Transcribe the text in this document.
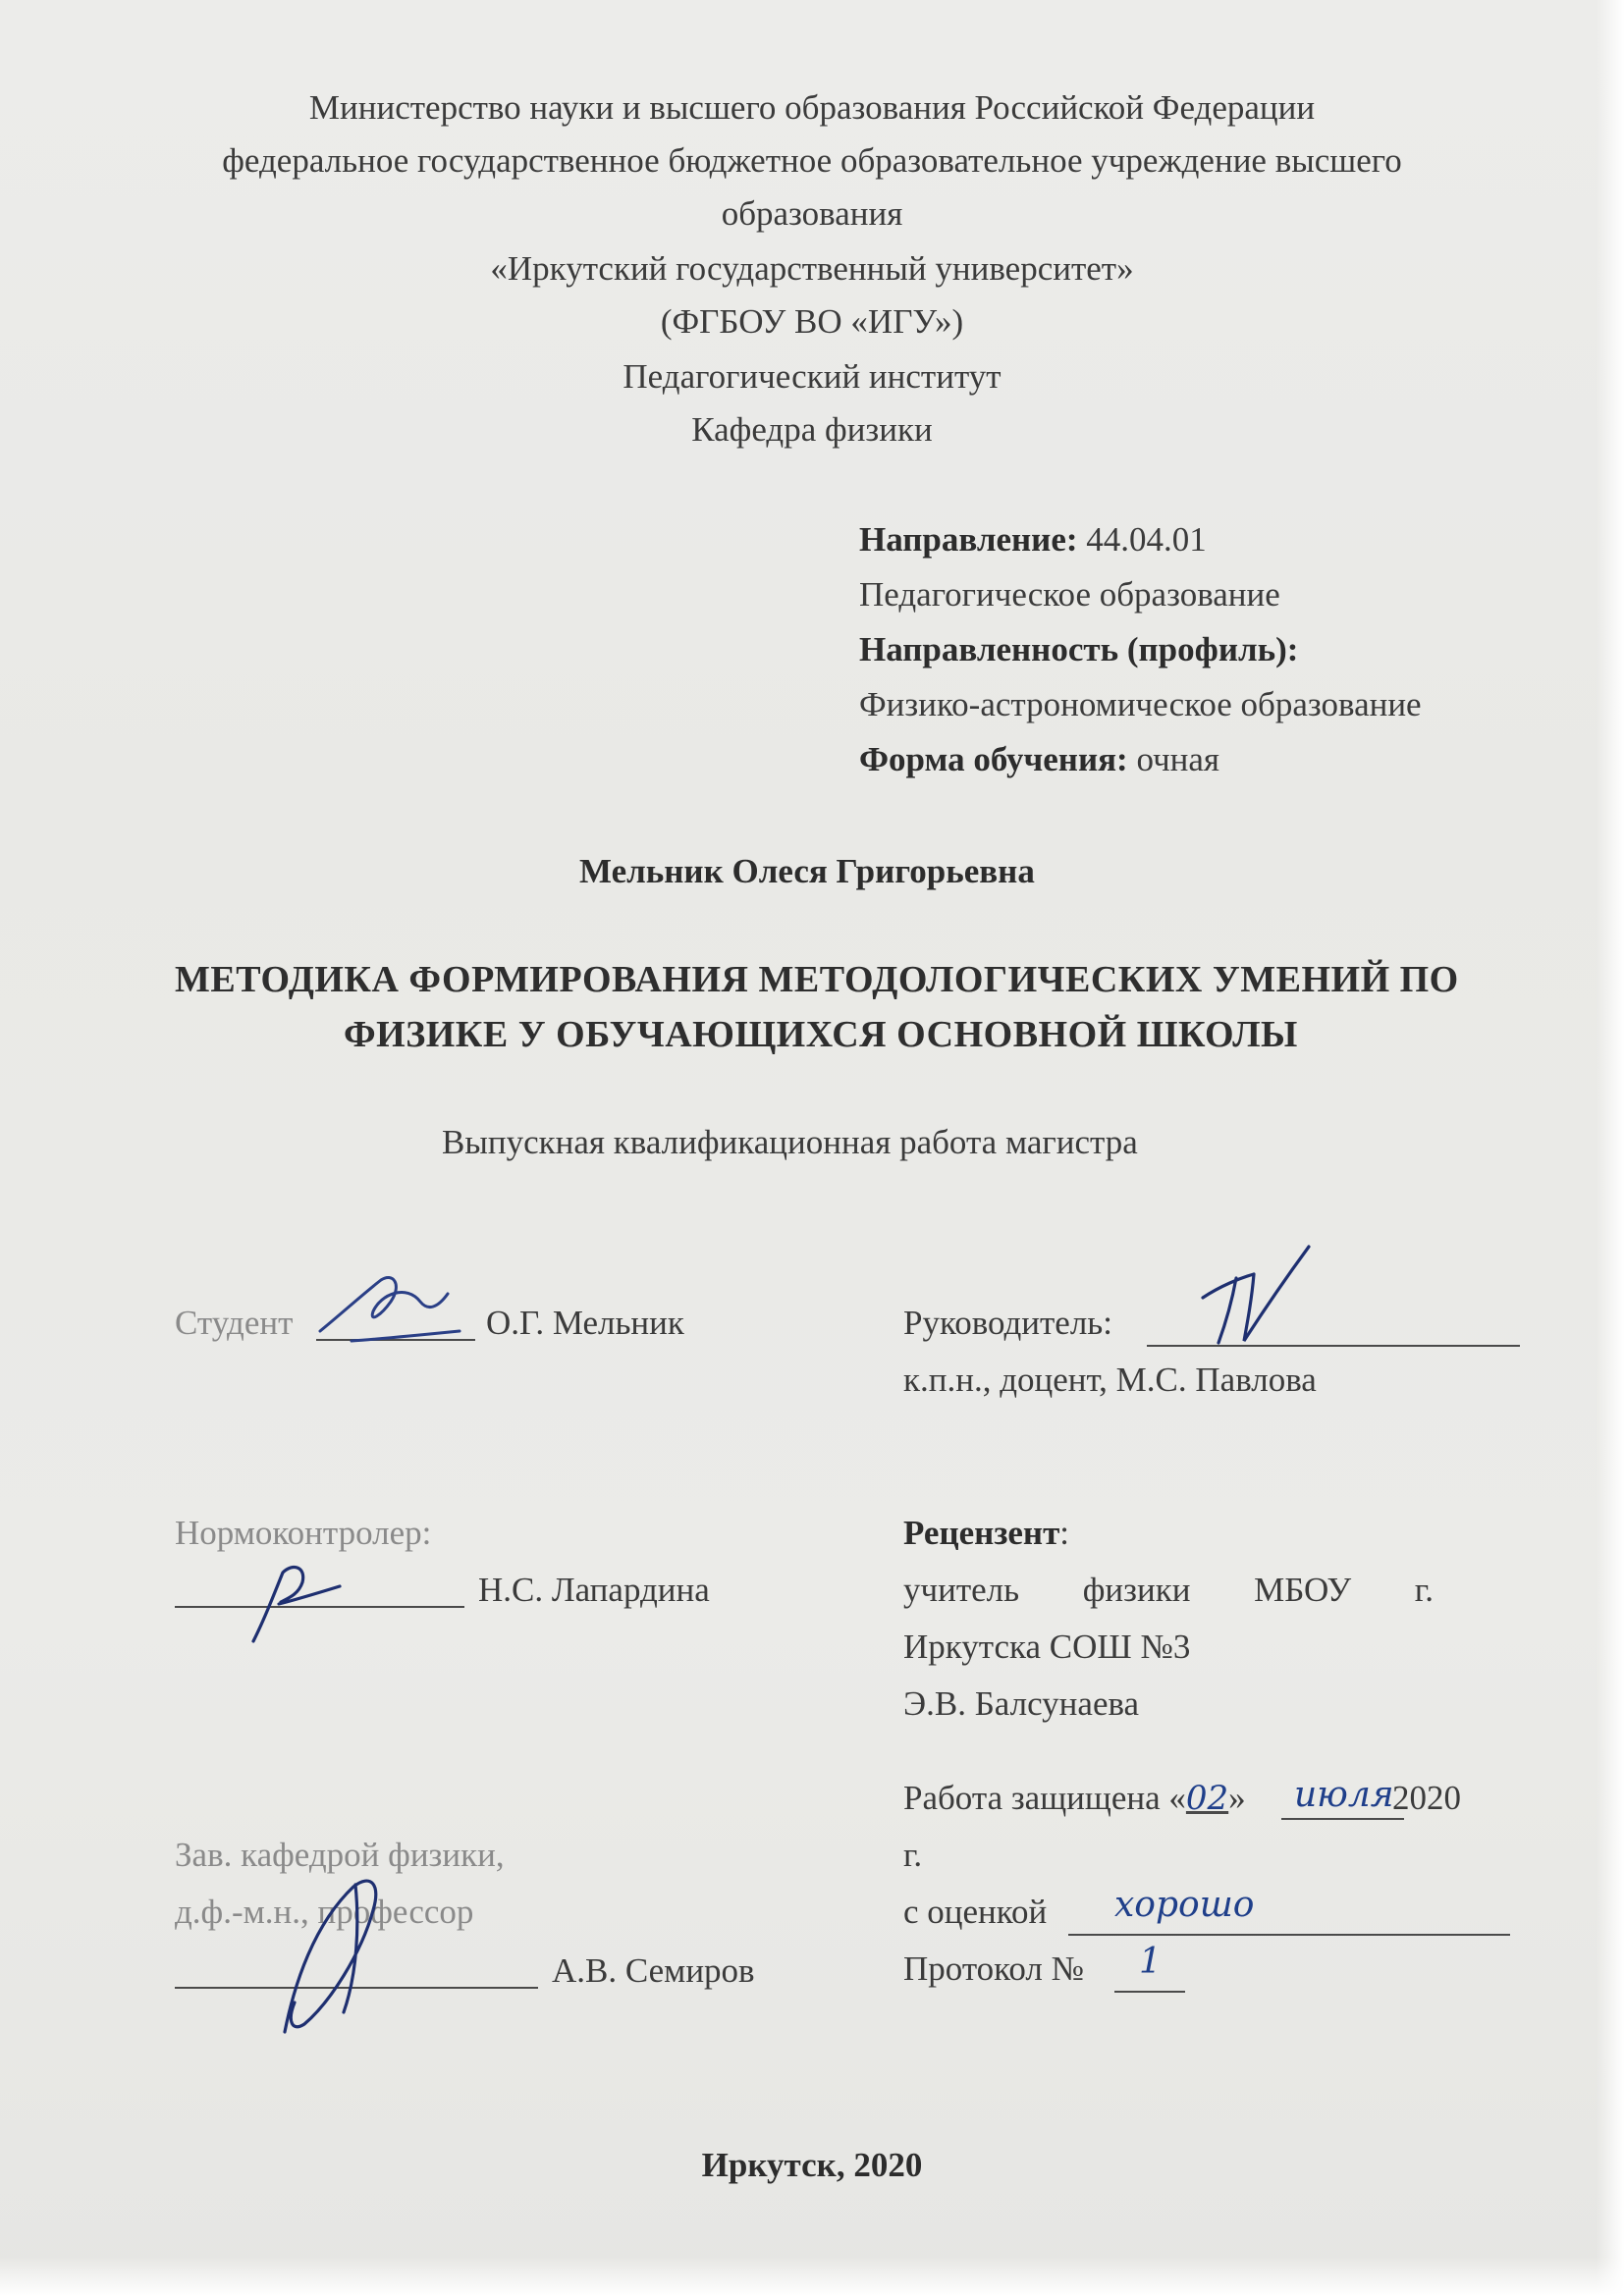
Министерство науки и высшего образования Российской Федерации
федеральное государственное бюджетное образовательное учреждение высшего
образования
«Иркутский государственный университет»
(ФГБОУ ВО «ИГУ»)
Педагогический институт
Кафедра физики
Направление: 44.04.01
Педагогическое образование
Направленность (профиль):
Физико-астрономическое образование
Форма обучения: очная
Мельник Олеся Григорьевна
МЕТОДИКА ФОРМИРОВАНИЯ МЕТОДОЛОГИЧЕСКИХ УМЕНИЙ ПО
ФИЗИКЕ У ОБУЧАЮЩИХСЯ ОСНОВНОЙ ШКОЛЫ
Выпускная квалификационная работа магистра
Студент	О.Г. Мельник	Руководитель:
к.п.н., доцент, М.С. Павлова
Нормоконтролер:
Н.С. Лапардина
Рецензент:
учитель физики МБОУ г.
Иркутска СОШ №3
Э.В. Балсунаева
Зав. кафедрой физики,
д.ф.-м.н., профессор
А.В. Семиров
Работа защищена «02» июля
2020
г.
с оценкой хорошо
Протокол № 1
Иркутск, 2020
